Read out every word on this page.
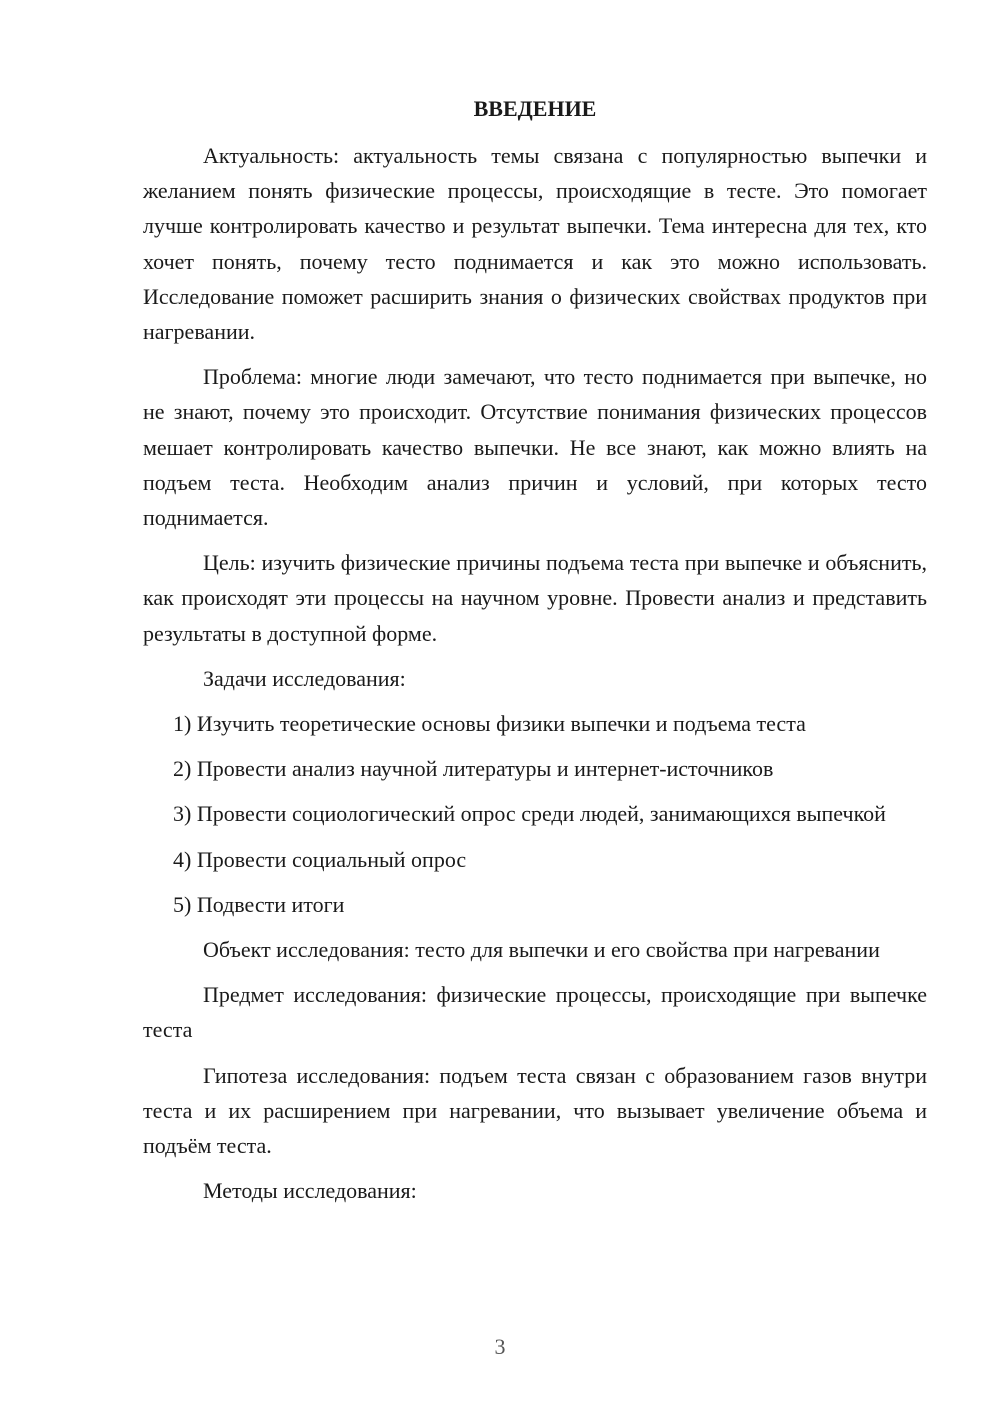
ВВЕДЕНИЕ

Актуальность: актуальность темы связана с популярностью выпечки и желанием понять физические процессы, происходящие в тесте. Это помогает лучше контролировать качество и результат выпечки. Тема интересна для тех, кто хочет понять, почему тесто поднимается и как это можно использовать. Исследование поможет расширить знания о физических свойствах продуктов при нагревании.

Проблема: многие люди замечают, что тесто поднимается при выпечке, но не знают, почему это происходит. Отсутствие понимания физических процессов мешает контролировать качество выпечки. Не все знают, как можно влиять на подъем теста. Необходим анализ причин и условий, при которых тесто поднимается.

Цель: изучить физические причины подъема теста при выпечке и объяснить, как происходят эти процессы на научном уровне. Провести анализ и представить результаты в доступной форме.

Задачи исследования:

1) Изучить теоретические основы физики выпечки и подъема теста

2) Провести анализ научной литературы и интернет-источников

3) Провести социологический опрос среди людей, занимающихся выпечкой

4) Провести социальный опрос

5) Подвести итоги

Объект исследования: тесто для выпечки и его свойства при нагревании

Предмет исследования: физические процессы, происходящие при выпечке теста

Гипотеза исследования: подъем теста связан с образованием газов внутри теста и их расширением при нагревании, что вызывает увеличение объема и подъём теста.

Методы исследования:

3
